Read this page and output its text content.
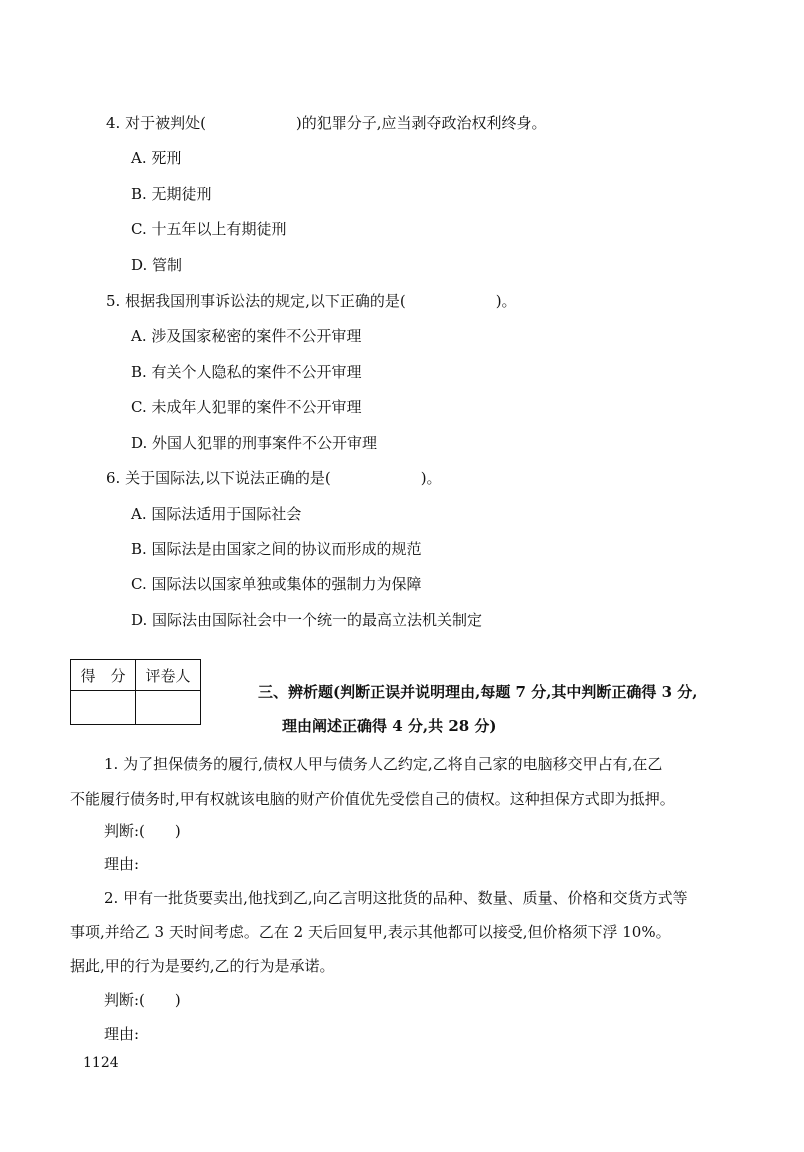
4. 对于被判处(　　　　　　)的犯罪分子,应当剥夺政治权利终身。
A. 死刑
B. 无期徒刑
C. 十五年以上有期徒刑
D. 管制
5. 根据我国刑事诉讼法的规定,以下正确的是(　　　　　　)。
A. 涉及国家秘密的案件不公开审理
B. 有关个人隐私的案件不公开审理
C. 未成年人犯罪的案件不公开审理
D. 外国人犯罪的刑事案件不公开审理
6. 关于国际法,以下说法正确的是(　　　　　　)。
A. 国际法适用于国际社会
B. 国际法是由国家之间的协议而形成的规范
C. 国际法以国家单独或集体的强制力为保障
D. 国际法由国际社会中一个统一的最高立法机关制定
得　分	评卷人

三、辨析题(判断正误并说明理由,每题 7 分,其中判断正确得 3 分,
理由阐述正确得 4 分,共 28 分)
1. 为了担保债务的履行,债权人甲与债务人乙约定,乙将自己家的电脑移交甲占有,在乙
不能履行债务时,甲有权就该电脑的财产价值优先受偿自己的债权。这种担保方式即为抵押。
判断:(　　)
理由:
2. 甲有一批货要卖出,他找到乙,向乙言明这批货的品种、数量、质量、价格和交货方式等
事项,并给乙 3 天时间考虑。乙在 2 天后回复甲,表示其他都可以接受,但价格须下浮 10%。
据此,甲的行为是要约,乙的行为是承诺。
判断:(　　)
理由:
1124
